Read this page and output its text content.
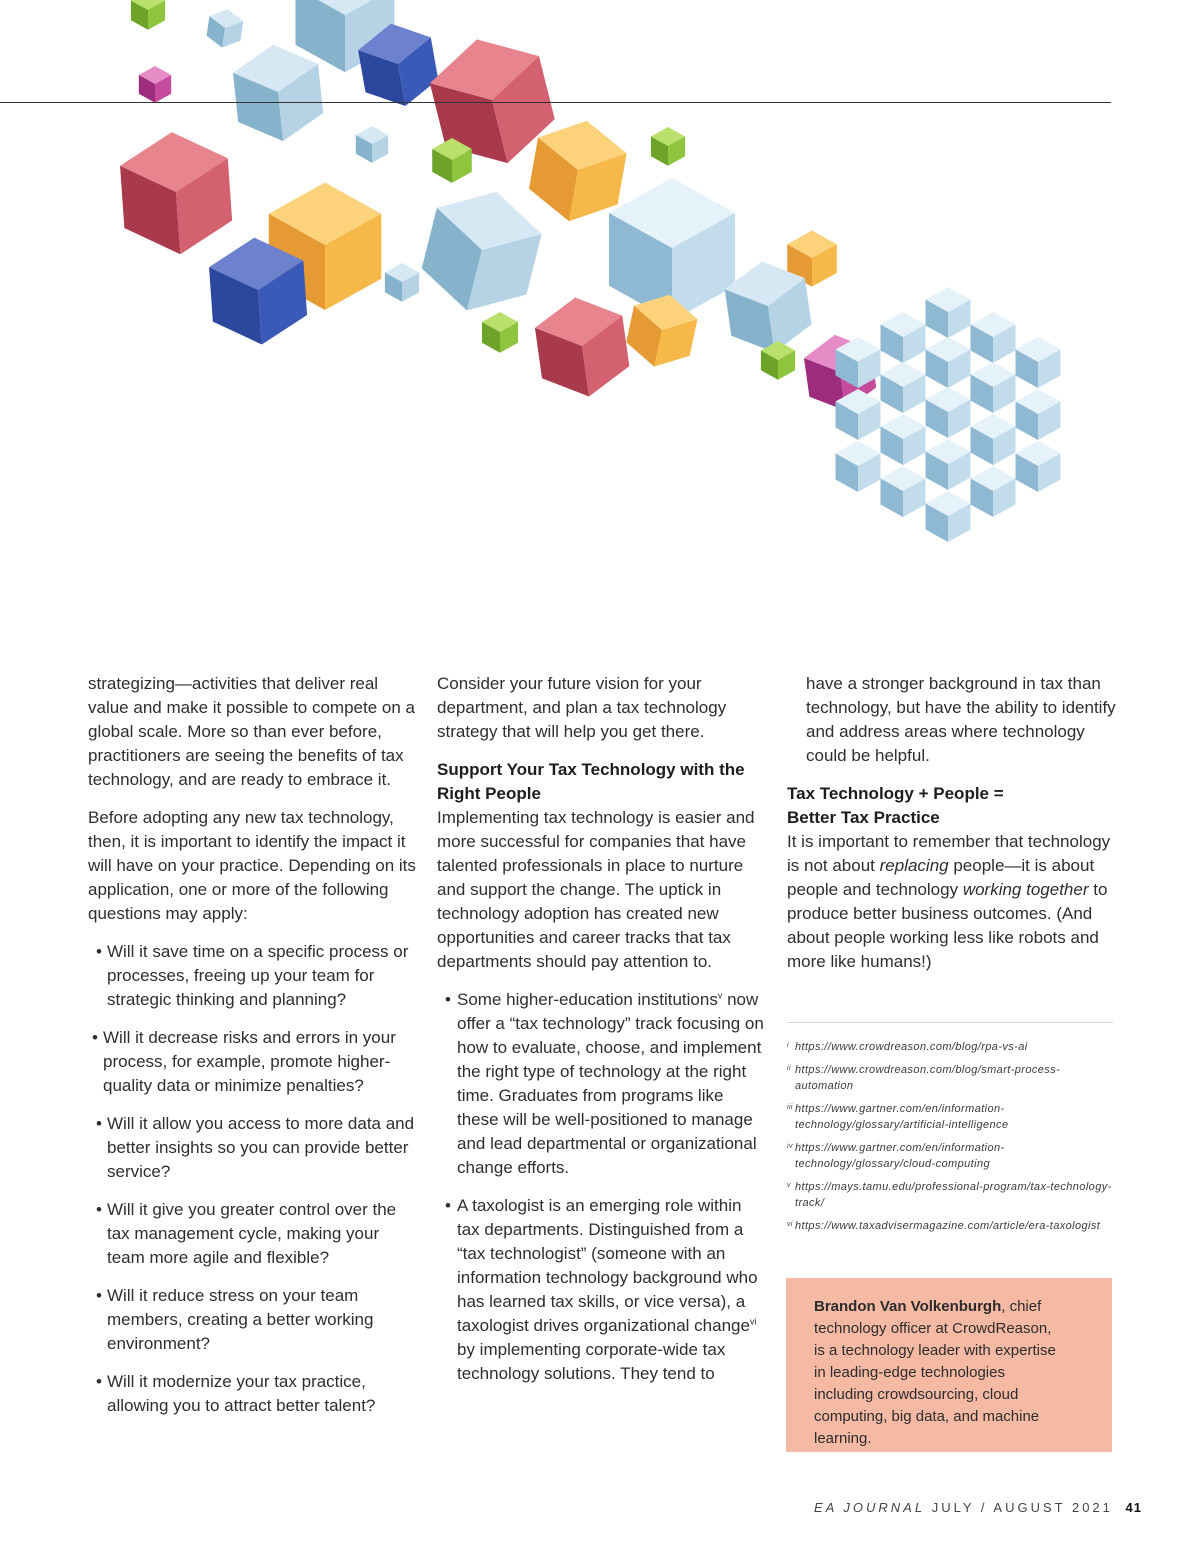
strategizing—activities that deliver real value and make it possible to compete on a global scale. More so than ever before, practitioners are seeing the benefits of tax technology, and are ready to embrace it.

Before adopting any new tax technology, then, it is important to identify the impact it will have on your practice. Depending on its application, one or more of the following questions may apply:

• Will it save time on a specific process or processes, freeing up your team for strategic thinking and planning?
• Will it decrease risks and errors in your process, for example, promote higher-quality data or minimize penalties?
• Will it allow you access to more data and better insights so you can provide better service?
• Will it give you greater control over the tax management cycle, making your team more agile and flexible?
• Will it reduce stress on your team members, creating a better working environment?
• Will it modernize your tax practice, allowing you to attract better talent?

Consider your future vision for your department, and plan a tax technology strategy that will help you get there.

Support Your Tax Technology with the Right People

Implementing tax technology is easier and more successful for companies that have talented professionals in place to nurture and support the change. The uptick in technology adoption has created new opportunities and career tracks that tax departments should pay attention to.

• Some higher-education institutions$^v$ now offer a “tax technology” track focusing on how to evaluate, choose, and implement the right type of technology at the right time. Graduates from programs like these will be well-positioned to manage and lead departmental or organizational change efforts.
• A taxologist is an emerging role within tax departments. Distinguished from a “tax technologist” (someone with an information technology background who has learned tax skills, or vice versa), a taxologist drives organizational change$^{vi}$ by implementing corporate-wide tax technology solutions. They tend to

have a stronger background in tax than technology, but have the ability to identify and address areas where technology could be helpful.

Tax Technology + People =
Better Tax Practice

It is important to remember that technology is not about replacing people—it is about people and technology working together to produce better business outcomes. (And about people working less like robots and more like humans!)

i https://www.crowdreason.com/blog/rpa-vs-ai
ii https://www.crowdreason.com/blog/smart-process-automation
iii https://www.gartner.com/en/information-technology/glossary/artificial-intelligence
iv https://www.gartner.com/en/information-technology/glossary/cloud-computing
v https://mays.tamu.edu/professional-program/tax-technology-track/
vi https://www.taxadvisermagazine.com/article/era-taxologist
Brandon Van Volkenburgh, chief technology officer at CrowdReason, is a technology leader with expertise in leading-edge technologies including crowdsourcing, cloud computing, big data, and machine learning.
EA JOURNAL JULY / AUGUST 2021 41
